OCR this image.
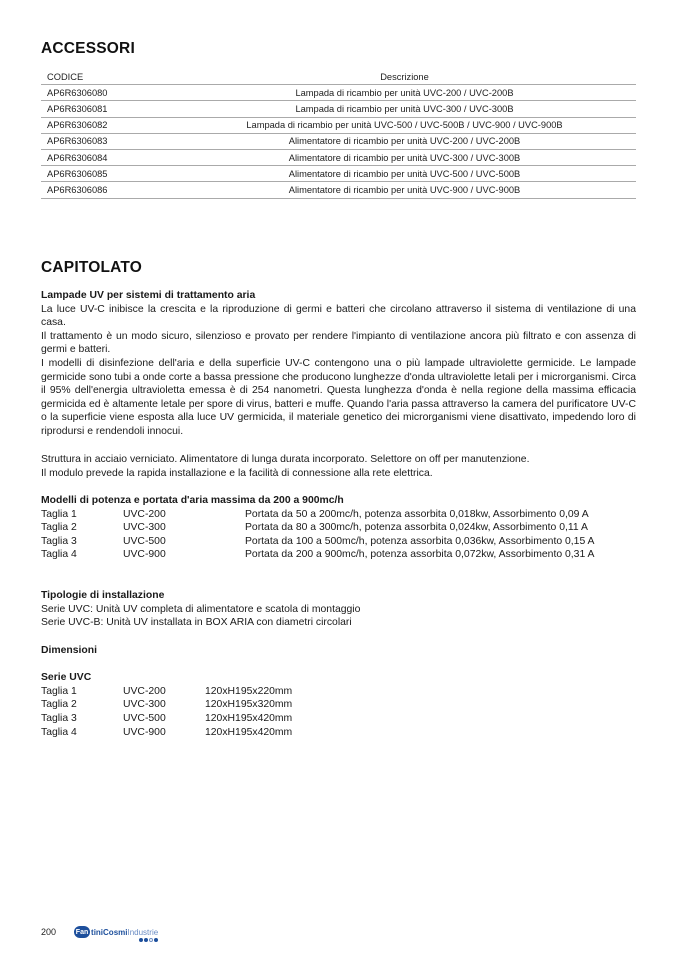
ACCESSORI
CODICE	Descrizione
AP6R6306080	Lampada di ricambio per unità UVC-200 / UVC-200B
AP6R6306081	Lampada di ricambio per unità UVC-300 / UVC-300B
AP6R6306082	Lampada di ricambio per unità UVC-500 / UVC-500B / UVC-900 / UVC-900B
AP6R6306083	Alimentatore di ricambio per unità UVC-200 / UVC-200B
AP6R6306084	Alimentatore di ricambio per unità UVC-300 / UVC-300B
AP6R6306085	Alimentatore di ricambio per unità UVC-500 / UVC-500B
AP6R6306086	Alimentatore di ricambio per unità UVC-900 / UVC-900B
CAPITOLATO
Lampade UV per sistemi di trattamento aria
La luce UV-C inibisce la crescita e la riproduzione di germi e batteri che circolano attraverso il sistema di ventilazione di una casa.
Il trattamento è un modo sicuro, silenzioso e provato per rendere l'impianto di ventilazione ancora più filtrato e con assenza di germi e batteri.
I modelli di disinfezione dell'aria e della superficie UV-C contengono una o più lampade ultraviolette germicide. Le lampade germicide sono tubi a onde corte a bassa pressione che producono lunghezze d'onda ultraviolette letali per i microrganismi. Circa il 95% dell'energia ultravioletta emessa è di 254 nanometri. Questa lunghezza d'onda è nella regione della massima efficacia germicida ed è altamente letale per spore di virus, batteri e muffe. Quando l'aria passa attraverso la camera del purificatore UV-C o la superficie viene esposta alla luce UV germicida, il materiale genetico dei microrganismi viene disattivato, impedendo loro di riprodursi e rendendoli innocui.
Struttura in acciaio verniciato. Alimentatore di lunga durata incorporato. Selettore on off per manutenzione.
Il modulo prevede la rapida installazione e la facilità di connessione alla rete elettrica.
Modelli di potenza e portata d'aria massima da 200 a 900mc/h
Taglia 1	UVC-200	Portata da 50 a 200mc/h, potenza assorbita 0,018kw, Assorbimento 0,09 A
Taglia 2	UVC-300	Portata da 80 a 300mc/h, potenza assorbita 0,024kw, Assorbimento 0,11 A
Taglia 3	UVC-500	Portata da 100 a 500mc/h, potenza assorbita 0,036kw, Assorbimento 0,15 A
Taglia 4	UVC-900	Portata da 200 a 900mc/h, potenza assorbita 0,072kw, Assorbimento 0,31 A
Tipologie di installazione
Serie UVC: Unità UV completa di alimentatore e scatola di montaggio
Serie UVC-B: Unità UV installata in BOX ARIA con diametri circolari
Dimensioni
Serie UVC
Taglia 1	UVC-200	120xH195x220mm
Taglia 2	UVC-300	120xH195x320mm
Taglia 3	UVC-500	120xH195x420mm
Taglia 4	UVC-900	120xH195x420mm
200	Fan tiniCosmiIndustrie
